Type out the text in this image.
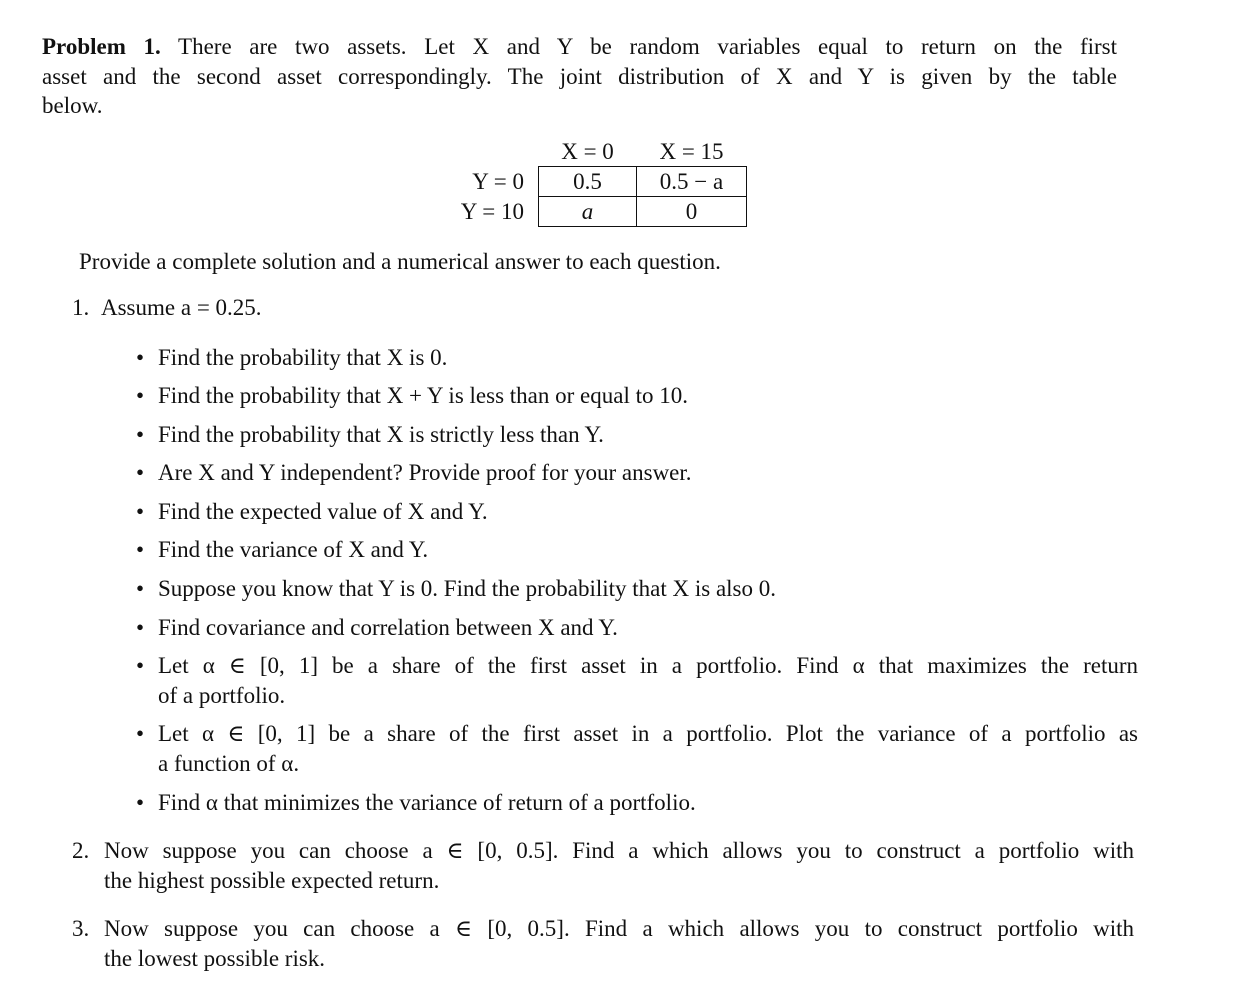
Problem 1. There are two assets. Let X and Y be random variables equal to return on the first
asset and the second asset correspondingly. The joint distribution of X and Y is given by the table
below.
	X = 0	X = 15
Y = 0	0.5	0.5 − a
Y = 10	a	0
Provide a complete solution and a numerical answer to each question.
1. Assume a = 0.25.
• Find the probability that X is 0.
• Find the probability that X + Y is less than or equal to 10.
• Find the probability that X is strictly less than Y.
• Are X and Y independent? Provide proof for your answer.
• Find the expected value of X and Y.
• Find the variance of X and Y.
• Suppose you know that Y is 0. Find the probability that X is also 0.
• Find covariance and correlation between X and Y.
• Let α ∈ [0, 1] be a share of the first asset in a portfolio. Find α that maximizes the return
of a portfolio.
• Let α ∈ [0, 1] be a share of the first asset in a portfolio. Plot the variance of a portfolio as
a function of α.
• Find α that minimizes the variance of return of a portfolio.
2. Now suppose you can choose a ∈ [0, 0.5]. Find a which allows you to construct a portfolio with
the highest possible expected return.
3. Now suppose you can choose a ∈ [0, 0.5]. Find a which allows you to construct portfolio with
the lowest possible risk.
